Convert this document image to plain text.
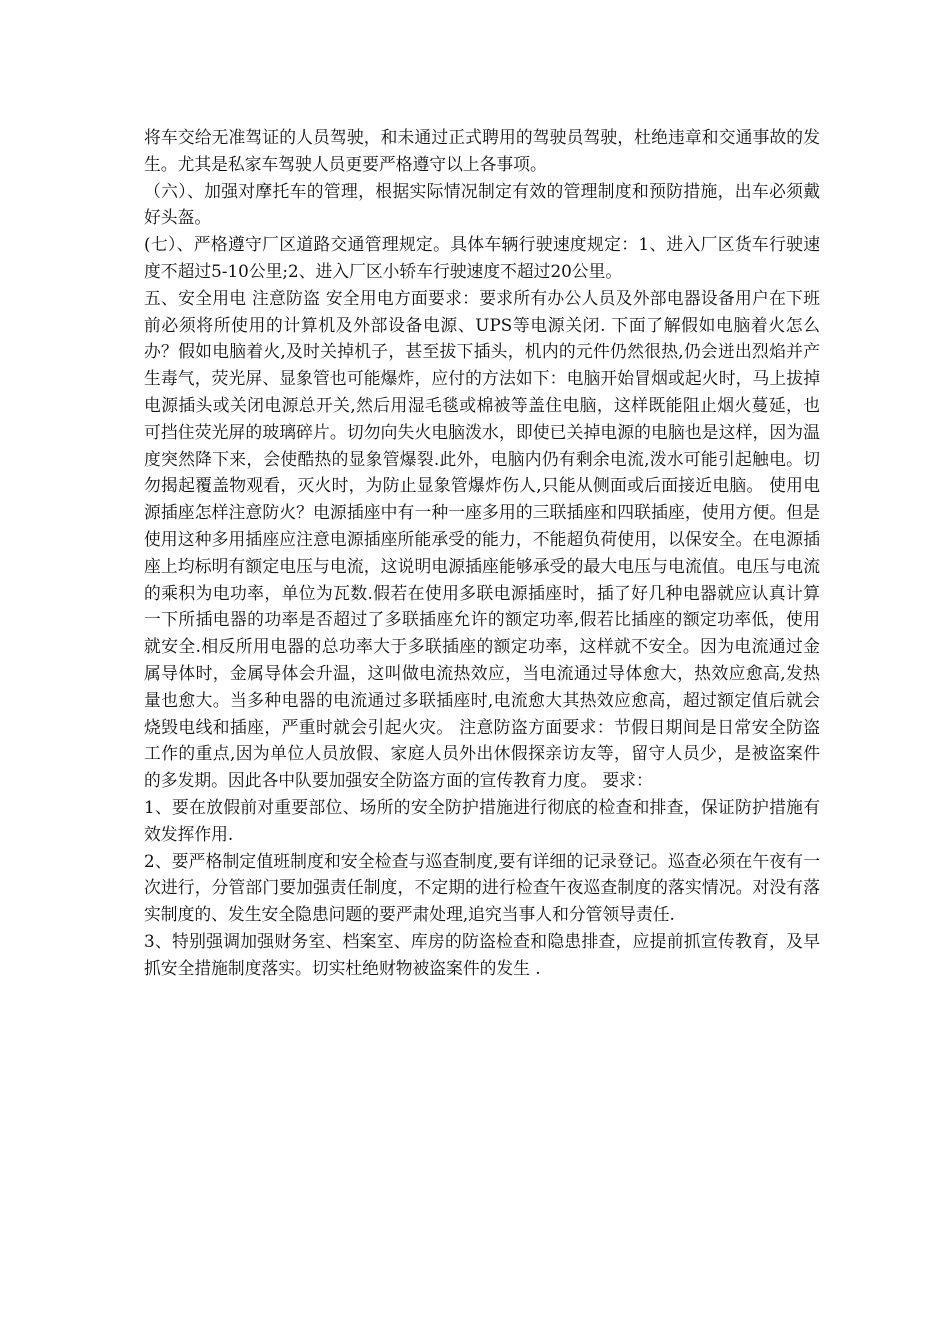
将车交给无准驾证的人员驾驶，和未通过正式聘用的驾驶员驾驶，杜绝违章和交通事故的发生。尤其是私家车驾驶人员更要严格遵守以上各事项。

（六）、加强对摩托车的管理，根据实际情况制定有效的管理制度和预防措施，出车必须戴好头盔。

(七）、严格遵守厂区道路交通管理规定。具体车辆行驶速度规定：1、进入厂区货车行驶速度不超过5-10公里;2、进入厂区小轿车行驶速度不超过20公里。

五、安全用电 注意防盗 安全用电方面要求：要求所有办公人员及外部电器设备用户在下班前必须将所使用的计算机及外部设备电源、UPS等电源关闭. 下面了解假如电脑着火怎么办？假如电脑着火,及时关掉机子，甚至拔下插头，机内的元件仍然很热,仍会迸出烈焰并产生毒气，荧光屏、显象管也可能爆炸，应付的方法如下：电脑开始冒烟或起火时，马上拔掉电源插头或关闭电源总开关,然后用湿毛毯或棉被等盖住电脑，这样既能阻止烟火蔓延，也可挡住荧光屏的玻璃碎片。切勿向失火电脑泼水，即使已关掉电源的电脑也是这样，因为温度突然降下来，会使酷热的显象管爆裂.此外，电脑内仍有剩余电流,泼水可能引起触电。切勿揭起覆盖物观看，灭火时，为防止显象管爆炸伤人,只能从侧面或后面接近电脑。 使用电源插座怎样注意防火？电源插座中有一种一座多用的三联插座和四联插座，使用方便。但是使用这种多用插座应注意电源插座所能承受的能力，不能超负荷使用，以保安全。在电源插座上均标明有额定电压与电流，这说明电源插座能够承受的最大电压与电流值。电压与电流的乘积为电功率，单位为瓦数.假若在使用多联电源插座时，插了好几种电器就应认真计算一下所插电器的功率是否超过了多联插座允许的额定功率,假若比插座的额定功率低，使用就安全.相反所用电器的总功率大于多联插座的额定功率，这样就不安全。因为电流通过金属导体时，金属导体会升温，这叫做电流热效应，当电流通过导体愈大，热效应愈高,发热量也愈大。当多种电器的电流通过多联插座时,电流愈大其热效应愈高，超过额定值后就会烧毁电线和插座，严重时就会引起火灾。 注意防盗方面要求：节假日期间是日常安全防盗工作的重点,因为单位人员放假、家庭人员外出休假探亲访友等，留守人员少，是被盗案件的多发期。因此各中队要加强安全防盗方面的宣传教育力度。 要求：

1、要在放假前对重要部位、场所的安全防护措施进行彻底的检查和排查，保证防护措施有效发挥作用.

2、要严格制定值班制度和安全检查与巡查制度,要有详细的记录登记。巡查必须在午夜有一次进行，分管部门要加强责任制度，不定期的进行检查午夜巡查制度的落实情况。对没有落实制度的、发生安全隐患问题的要严肃处理,追究当事人和分管领导责任.

3、特别强调加强财务室、档案室、库房的防盗检查和隐患排查，应提前抓宣传教育，及早抓安全措施制度落实。切实杜绝财物被盗案件的发生 .
